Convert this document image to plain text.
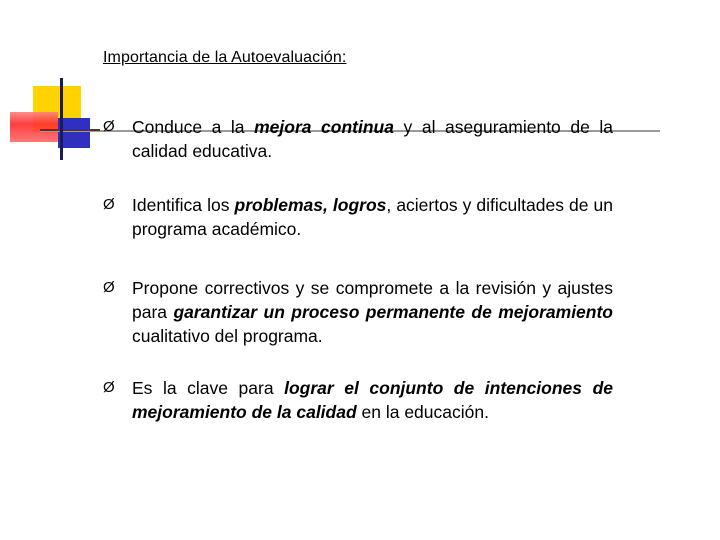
Importancia de la Autoevaluación:
Ø Conduce a la mejora continua y al aseguramiento de la calidad educativa.
Ø Identifica los problemas, logros, aciertos y dificultades de un programa académico.
Ø Propone correctivos y se compromete a la revisión y ajustes para garantizar un proceso permanente de mejoramiento cualitativo del programa.
Ø Es la clave para lograr el conjunto de intenciones de mejoramiento de la calidad en la educación.
